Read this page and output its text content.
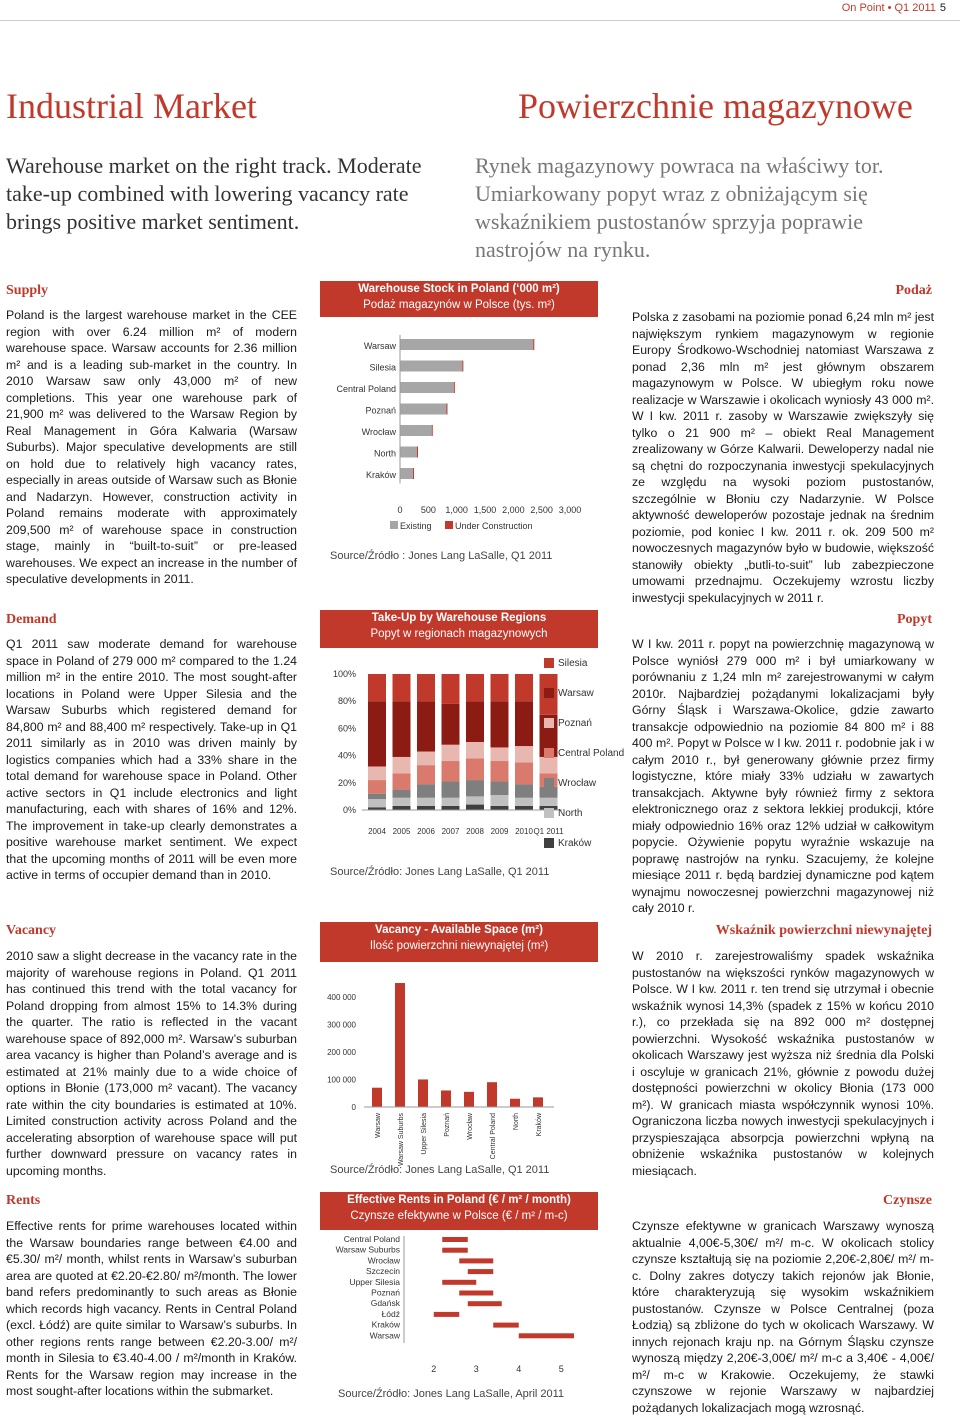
On Point • Q1 2011 5
Industrial Market	Powierzchnie magazynowe
Warehouse market on the right track. Moderate take-up combined with lowering vacancy rate brings positive market sentiment.
Rynek magazynowy powraca na właściwy tor. Umiarkowany popyt wraz z obniżającym się wskaźnikiem pustostanów sprzyja poprawie nastrojów na rynku.
Supply
Poland is the largest warehouse market in the CEE region with over 6.24 million m² of modern warehouse space. Warsaw accounts for 2.36 million m² and is a leading sub-market in the country. In 2010 Warsaw saw only 43,000 m² of new completions. This year one warehouse park of 21,900 m² was delivered to the Warsaw Region by Real Management in Góra Kalwaria (Warsaw Suburbs). Major speculative developments are still on hold due to relatively high vacancy rates, especially in areas outside of Warsaw such as Błonie and Nadarzyn. However, construction activity in Poland remains moderate with approximately 209,500 m² of warehouse space in construction stage, mainly in “built-to-suit” or pre-leased warehouses. We expect an increase in the number of speculative developments in 2011.
Podaż
Polska z zasobami na poziomie ponad 6,24 mln m² jest największym rynkiem magazynowym w regionie Europy Środkowo-Wschodniej natomiast Warszawa z ponad 2,36 mln m² jest głównym obszarem magazynowym w Polsce. W ubiegłym roku nowe realizacje w Warszawie i okolicach wyniosły 43 000 m². W I kw. 2011 r. zasoby w Warszawie zwiększyły się tylko o 21 900 m² – obiekt Real Management zrealizowany w Górze Kalwarii. Deweloperzy nadal nie są chętni do rozpoczynania inwestycji spekulacyjnych ze względu na wysoki poziom pustostanów, szczególnie w Błoniu czy Nadarzynie. W Polsce aktywność deweloperów pozostaje jednak na średnim poziomie, pod koniec I kw. 2011 r. ok. 209 500 m² nowoczesnych magazynów było w budowie, większość stanowiły obiekty „butli-to-suit” lub zabezpieczone umowami przednajmu. Oczekujemy wzrostu liczby inwestycji spekulacyjnych w 2011 r.
Warehouse Stock in Poland (‘000 m²)
Podaż magazynów w Polsce (tys. m²)
Warsaw
Silesia
Central Poland
Poznań
Wrocław
North
Kraków
0 500 1,000 1,500 2,000 2,500 3,000
Existing	Under Construction
Source/Źródło : Jones Lang LaSalle, Q1 2011
Demand
Q1 2011 saw moderate demand for warehouse space in Poland of 279 000 m² compared to the 1.24 million m² in the entire 2010. The most sought-after locations in Poland were Upper Silesia and the Warsaw Suburbs which registered demand for 84,800 m² and 88,400 m² respectively. Take-up in Q1 2011 similarly as in 2010 was driven mainly by logistics companies which had a 33% share in the total demand for warehouse space in Poland. Other active sectors in Q1 include electronics and light manufacturing, each with shares of 16% and 12%. The improvement in take-up clearly demonstrates a positive warehouse market sentiment. We expect that the upcoming months of 2011 will be even more active in terms of occupier demand than in 2010.
Popyt
W I kw. 2011 r. popyt na powierzchnię magazynową w Polsce wyniósł 279 000 m² i był umiarkowany w porównaniu z 1,24 mln m² zarejestrowanymi w całym 2010r. Najbardziej pożądanymi lokalizacjami były Górny Śląsk i Warszawa-Okolice, gdzie zawarto transakcje odpowiednio na poziomie 84 800 m² i 88 400 m². Popyt w Polsce w I kw. 2011 r. podobnie jak i w całym 2010 r., był generowany głównie przez firmy logistyczne, które miały 33% udziału w zawartych transakcjach. Aktywne były również firmy z sektora elektronicznego oraz z sektora lekkiej produkcji, które miały odpowiednio 16% oraz 12% udział w całkowitym popycie. Ożywienie popytu wyraźnie wskazuje na poprawę nastrojów na rynku. Szacujemy, że kolejne miesiące 2011 r. będą bardziej dynamiczne pod kątem wynajmu nowoczesnej powierzchni magazynowej niż cały 2010 r.
Take-Up by Warehouse Regions
Popyt w regionach magazynowych
0%
20%
40%
60%
80%
100%
2004 2005 2006 2007 2008 2009 2010 Q1 2011
Silesia
Warsaw
Poznań
Central Poland
Wrocław
North
Kraków
Source/Źródło: Jones Lang LaSalle, Q1 2011
Vacancy
2010 saw a slight decrease in the vacancy rate in the majority of warehouse regions in Poland. Q1 2011 has continued this trend with the total vacancy for Poland dropping from almost 15% to 14.3% during the quarter. The ratio is reflected in the vacant warehouse space of 892,000 m². Warsaw’s suburban area vacancy is higher than Poland’s average and is estimated at 21% mainly due to a wide choice of options in Błonie (173,000 m² vacant). The vacancy rate within the city boundaries is estimated at 10%. Limited construction activity across Poland and the accelerating absorption of warehouse space will put further downward pressure on vacancy rates in upcoming months.
Wskaźnik powierzchni niewynajętej
W 2010 r. zarejestrowaliśmy spadek wskaźnika pustostanów na większości rynków magazynowych w Polsce. W I kw. 2011 r. ten trend się utrzymał i obecnie wskaźnik wynosi 14,3% (spadek z 15% w końcu 2010 r.), co przekłada się na 892 000 m² dostępnej powierzchni. Wysokość wskaźnika pustostanów w okolicach Warszawy jest wyższa niż średnia dla Polski i oscyluje w granicach 21%, głównie z powodu dużej dostępności powierzchni w okolicy Błonia (173 000 m²). W granicach miasta współczynnik wynosi 10%. Ograniczona liczba nowych inwestycji spekulacyjnych i przyspieszająca absorpcja powierzchni wpłyną na obniżenie wskaźnika pustostanów w kolejnych miesiącach.
Vacancy - Available Space (m²)
Ilość powierzchni niewynajętej (m²)
0
100 000
200 000
300 000
400 000
Warsaw Warsaw Suburbs Upper Silesia Poznań Wrocław Central Poland North Kraków
Source/Źródło: Jones Lang LaSalle, Q1 2011
Rents
Effective rents for prime warehouses located within the Warsaw boundaries range between €4.00 and €5.30/ m²/ month, whilst rents in Warsaw’s suburban area are quoted at €2.20-€2.80/ m²/month. The lower band refers predominantly to such areas as Błonie which records high vacancy. Rents in Central Poland (excl. Łódź) are quite similar to Warsaw’s suburbs. In other regions rents range between €2.20-3.00/ m²/ month in Silesia to €3.40-4.00 / m²/month in Kraków. Rents for the Warsaw region may increase in the most sought-after locations within the submarket.
Czynsze
Czynsze efektywne w granicach Warszawy wynoszą aktualnie 4,00€-5,30€/ m²/ m-c. W okolicach stolicy czynsze kształtują się na poziomie 2,20€-2,80€/ m²/ m-c. Dolny zakres dotyczy takich rejonów jak Błonie, które charakteryzują się wysokim wskaźnikiem pustostanów. Czynsze w Polsce Centralnej (poza Łodzią) są zbliżone do tych w okolicach Warszawy. W innych rejonach kraju np. na Górnym Śląsku czynsze wynoszą między 2,20€-3,00€/ m²/ m-c a 3,40€ - 4,00€/ m²/ m-c w Krakowie. Oczekujemy, że stawki czynszowe w rejonie Warszawy w najbardziej pożądanych lokalizacjach mogą wzrosnąć.
Effective Rents in Poland (€ / m² / month)
Czynsze efektywne w Polsce (€ / m² / m-c)
Central Poland
Warsaw Suburbs
Wrocław
Szczecin
Upper Silesia
Poznań
Gdańsk
Łódź
Kraków
Warsaw
2	3	4	5
Source/Źródło: Jones Lang LaSalle, April 2011
